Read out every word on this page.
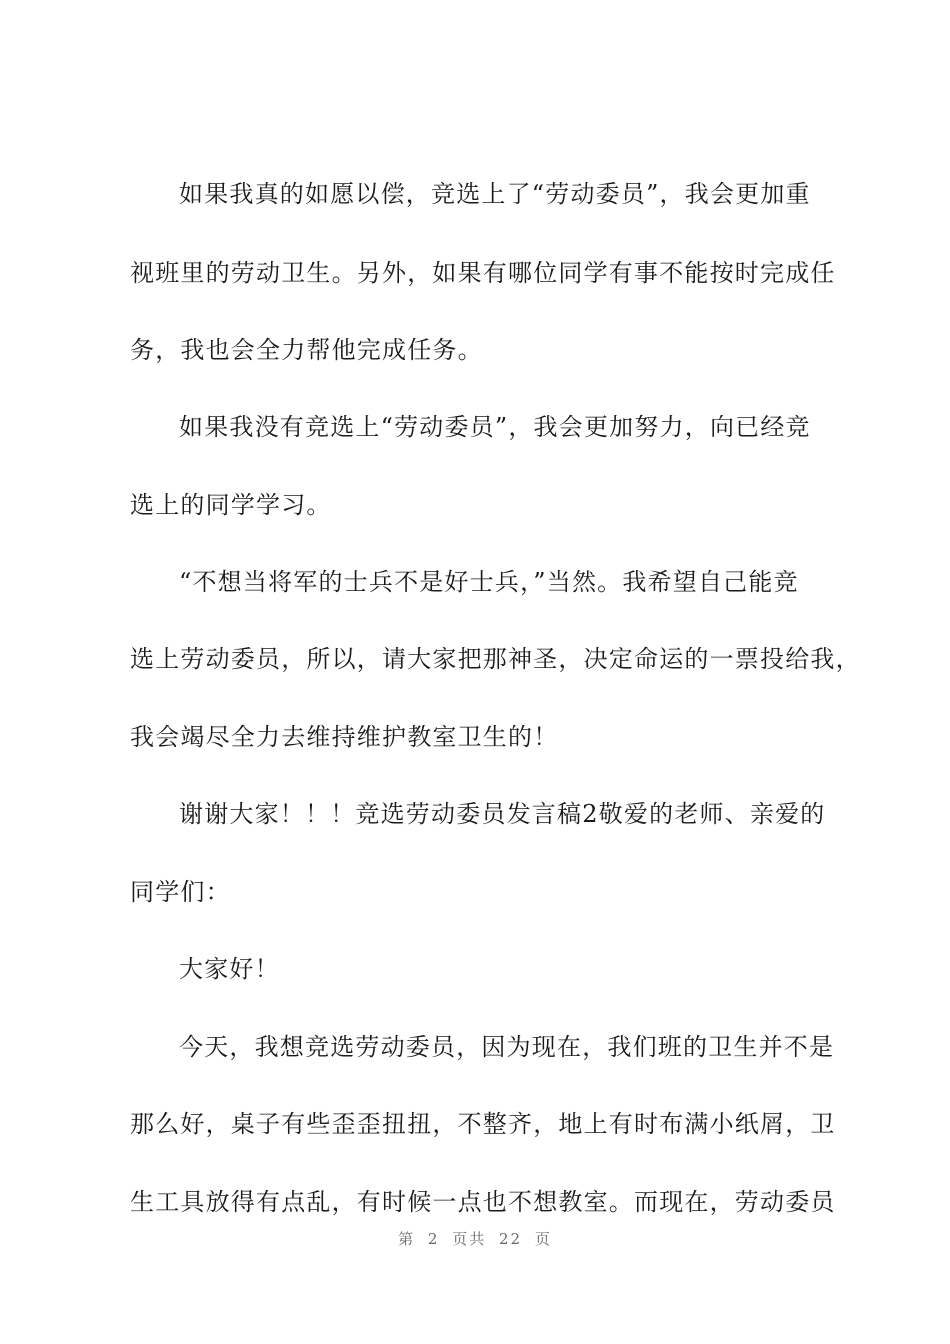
如果我真的如愿以偿，竞选上了“劳动委员”，我会更加重
视班里的劳动卫生。另外，如果有哪位同学有事不能按时完成任
务，我也会全力帮他完成任务。
如果我没有竞选上“劳动委员”，我会更加努力，向已经竞
选上的同学学习。
“不想当将军的士兵不是好士兵，”当然。我希望自己能竞
选上劳动委员，所以，请大家把那神圣，决定命运的一票投给我，
我会竭尽全力去维持维护教室卫生的！
谢谢大家！！！竞选劳动委员发言稿2敬爱的老师、亲爱的
同学们：
大家好！
今天，我想竞选劳动委员，因为现在，我们班的卫生并不是
那么好，桌子有些歪歪扭扭，不整齐，地上有时布满小纸屑，卫
生工具放得有点乱，有时候一点也不想教室。而现在，劳动委员
第 2 页共 22 页
